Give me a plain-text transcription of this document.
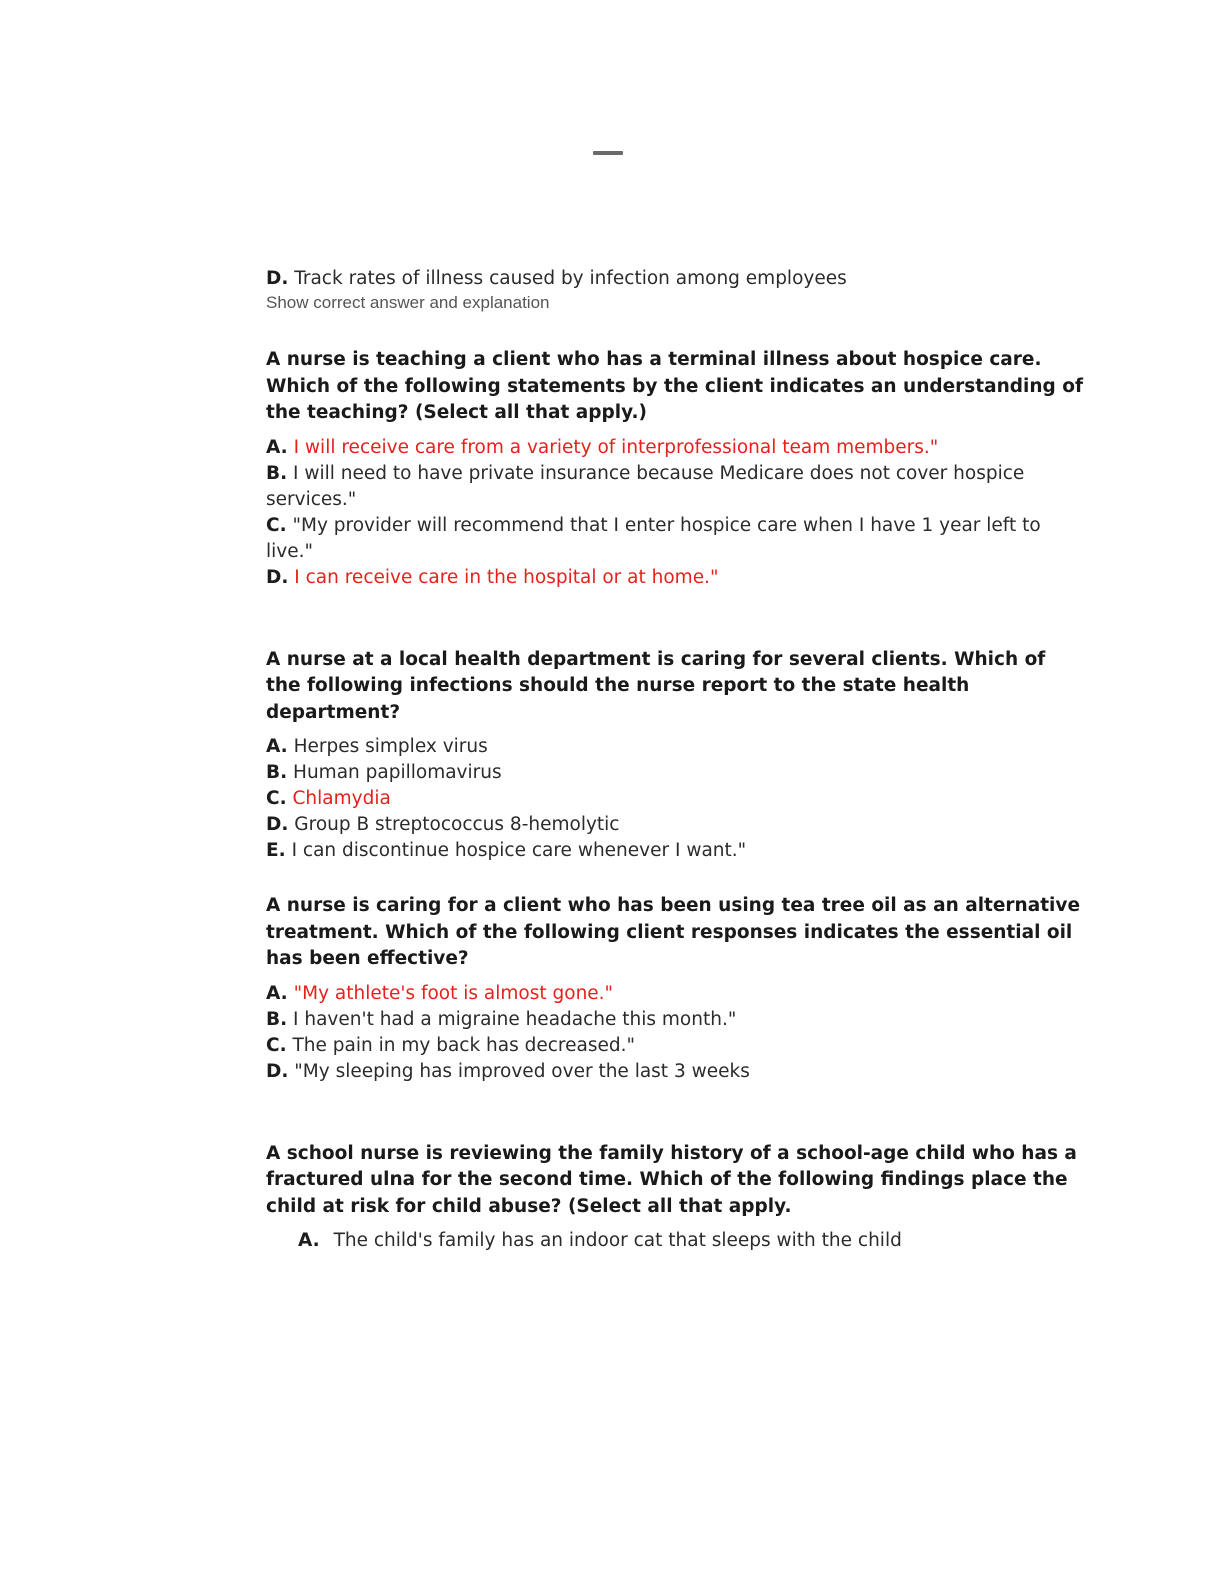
D. Track rates of illness caused by infection among employees

Show correct answer and explanation

A nurse is teaching a client who has a terminal illness about hospice care. Which of the following statements by the client indicates an understanding of the teaching? (Select all that apply.)

A. I will receive care from a variety of interprofessional team members."

B. I will need to have private insurance because Medicare does not cover hospice services."

C. "My provider will recommend that I enter hospice care when I have 1 year left to live."

D. I can receive care in the hospital or at home."

A nurse at a local health department is caring for several clients. Which of the following infections should the nurse report to the state health department?

A. Herpes simplex virus

B. Human papillomavirus

C. Chlamydia

D. Group B streptococcus 8-hemolytic

E. I can discontinue hospice care whenever I want."

A nurse is caring for a client who has been using tea tree oil as an alternative treatment. Which of the following client responses indicates the essential oil has been effective?

A. "My athlete's foot is almost gone."

B. I haven't had a migraine headache this month."

C. The pain in my back has decreased."

D. "My sleeping has improved over the last 3 weeks

A school nurse is reviewing the family history of a school-age child who has a fractured ulna for the second time. Which of the following findings place the child at risk for child abuse? (Select all that apply.

A. The child's family has an indoor cat that sleeps with the child
